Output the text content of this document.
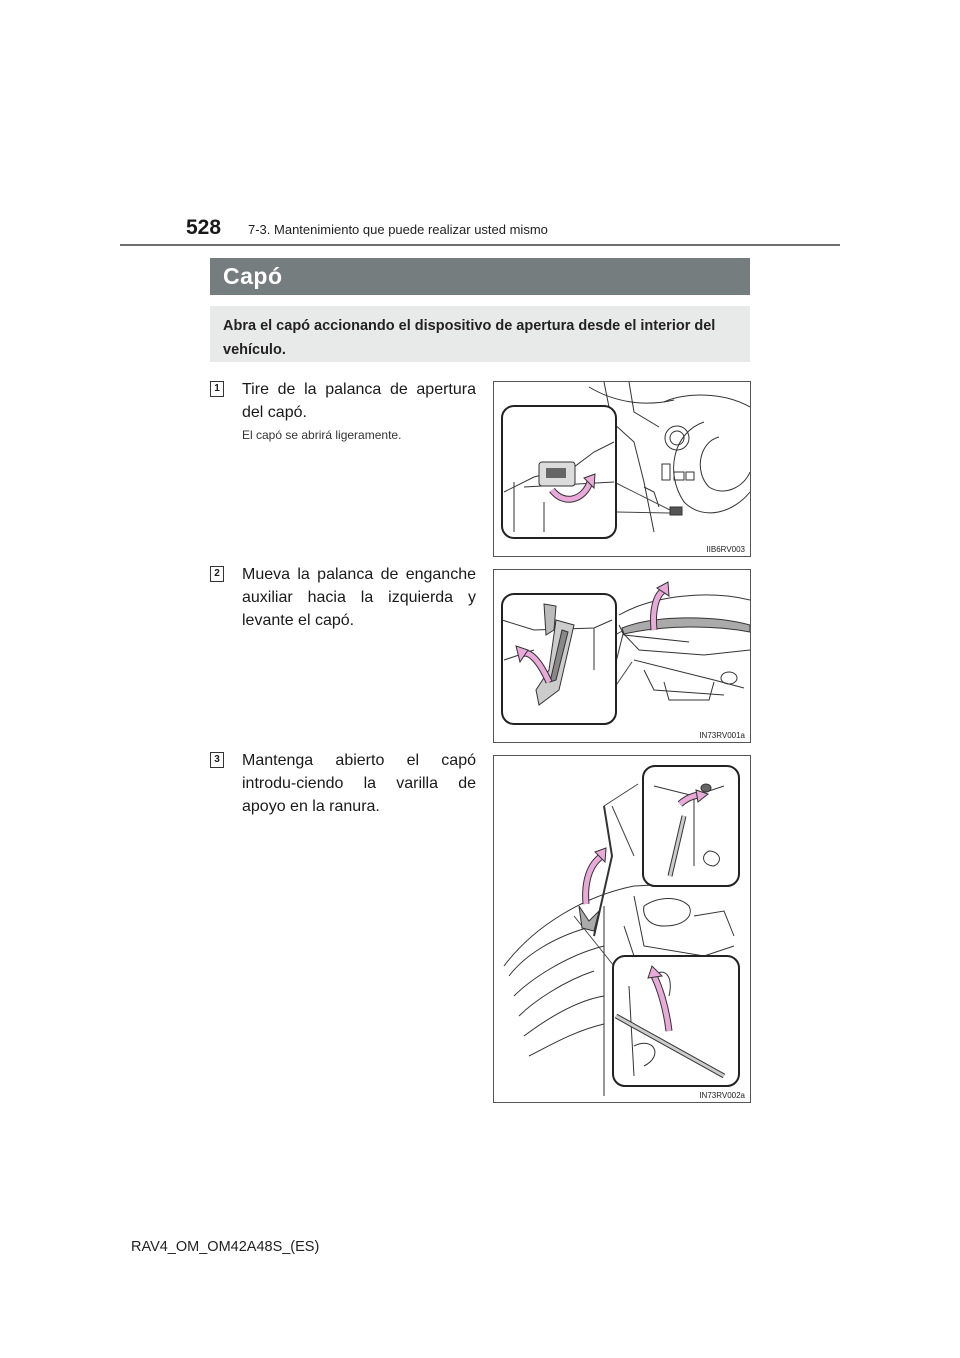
528 7-3. Mantenimiento que puede realizar usted mismo
Capó
Abra el capó accionando el dispositivo de apertura desde el interior del vehículo.
1 Tire de la palanca de apertura del capó.
El capó se abrirá ligeramente.
IIB6RV003
2 Mueva la palanca de enganche auxiliar hacia la izquierda y levante el capó.
IN73RV001a
3 Mantenga abierto el capó introdu-ciendo la varilla de apoyo en la ranura.
IN73RV002a
RAV4_OM_OM42A48S_(ES)
